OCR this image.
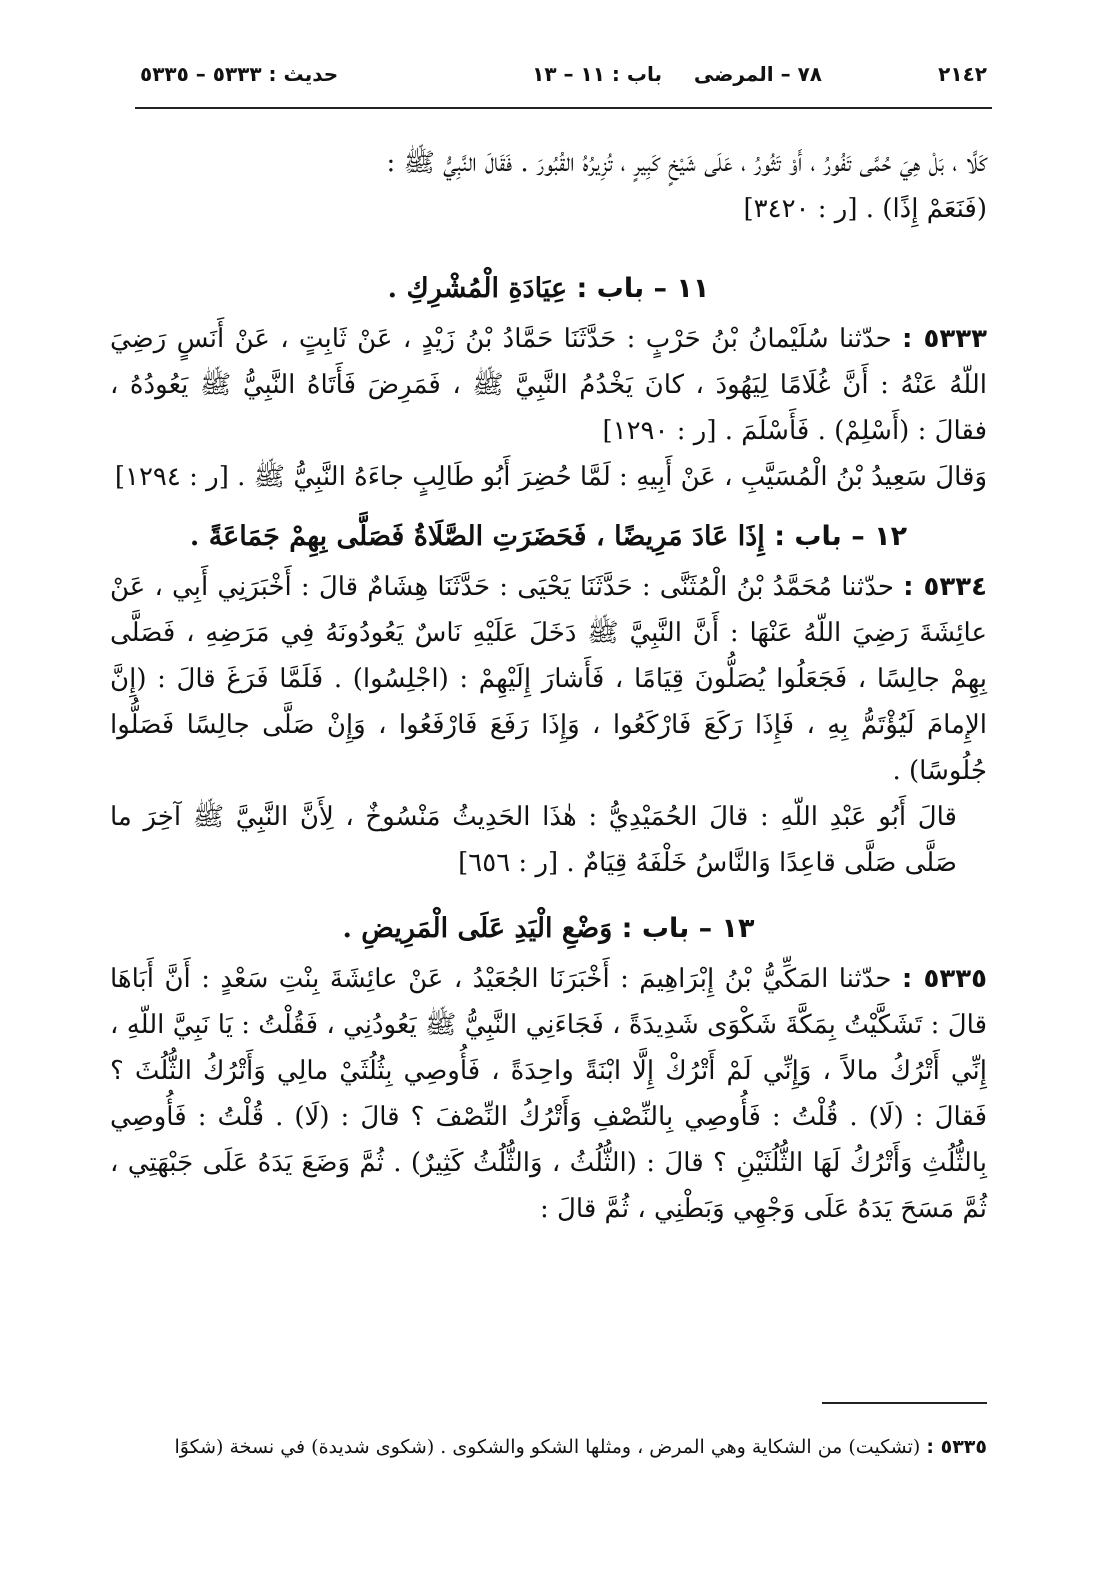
٢١٤٢
٧٨ – المرضى
باب : ١١ – ١٣
حديث : ٥٣٣٣ – ٥٣٣٥

كَلَّا ، بَلْ هِيَ حُمَّى تَفُورُ ، أَوْ تَثُورُ ، عَلَى شَيْخٍ كَبِيرٍ ، تُزِيرُهُ القُبُورَ . فَقَالَ النَّبِيُّ ﷺ :

(فَنَعَمْ إِذًا) . [ر : ٣٤٢٠]

١١ – باب : عِيَادَةِ الْمُشْرِكِ .

٥٣٣٣ : حدّثنا سُلَيْمانُ بْنُ حَرْبٍ : حَدَّثَنَا حَمَّادُ بْنُ زَيْدٍ ، عَنْ ثَابِتٍ ، عَنْ أَنَسٍ رَضِيَ اللّهُ عَنْهُ : أَنَّ غُلَامًا لِيَهُودَ ، كانَ يَخْدُمُ النَّبِيَّ ﷺ ، فَمَرِضَ فَأَتَاهُ النَّبِيُّ ﷺ يَعُودُهُ ، فقالَ : (أَسْلِمْ) . فَأَسْلَمَ . [ر : ١٢٩٠]

وَقالَ سَعِيدُ بْنُ الْمُسَيَّبِ ، عَنْ أَبِيهِ : لَمَّا حُضِرَ أَبُو طَالِبٍ جاءَهُ النَّبِيُّ ﷺ . [ر : ١٢٩٤]

١٢ – باب : إِذَا عَادَ مَرِيضًا ، فَحَضَرَتِ الصَّلَاةُ فَصَلَّى بِهِمْ جَمَاعَةً .

٥٣٣٤ : حدّثنا مُحَمَّدُ بْنُ الْمُثَنَّى : حَدَّثَنَا يَحْيَى : حَدَّثَنَا هِشَامٌ قالَ : أَخْبَرَنِي أَبِي ، عَنْ عائِشَةَ رَضِيَ اللّهُ عَنْهَا : أَنَّ النَّبِيَّ ﷺ دَخَلَ عَلَيْهِ نَاسٌ يَعُودُونَهُ فِي مَرَضِهِ ، فَصَلَّى بِهِمْ جالِسًا ، فَجَعَلُوا يُصَلُّونَ قِيَامًا ، فَأَشارَ إِلَيْهِمْ : (اجْلِسُوا) . فَلَمَّا فَرَغَ قالَ : (إِنَّ الإِمامَ لَيُؤْتَمُّ بِهِ ، فَإِذَا رَكَعَ فَارْكَعُوا ، وَإِذَا رَفَعَ فَارْفَعُوا ، وَإِنْ صَلَّى جالِسًا فَصَلُّوا جُلُوسًا) .

قالَ أَبُو عَبْدِ اللّهِ : قالَ الحُمَيْدِيُّ : هٰذَا الحَدِيثُ مَنْسُوخٌ ، لِأَنَّ النَّبِيَّ ﷺ آخِرَ ما صَلَّى صَلَّى قاعِدًا وَالنَّاسُ خَلْفَهُ قِيَامٌ . [ر : ٦٥٦]

١٣ – باب : وَضْعِ الْيَدِ عَلَى الْمَرِيضِ .

٥٣٣٥ : حدّثنا المَكِّيُّ بْنُ إِبْرَاهِيمَ : أَخْبَرَنَا الجُعَيْدُ ، عَنْ عائِشَةَ بِنْتِ سَعْدٍ : أَنَّ أَبَاهَا قالَ : تَشَكَّيْتُ بِمَكَّةَ شَكْوَى شَدِيدَةً ، فَجَاءَنِي النَّبِيُّ ﷺ يَعُودُنِي ، فَقُلْتُ : يَا نَبِيَّ اللّهِ ، إِنِّي أَتْرُكُ مالاً ، وَإِنِّي لَمْ أَتْرُكْ إِلَّا ابْنَةً واحِدَةً ، فَأُوصِي بِثُلُثَيْ مالِي وَأَتْرُكُ الثُّلُثَ ؟ فَقالَ : (لَا) . قُلْتُ : فَأُوصِي بِالنِّصْفِ وَأَتْرُكُ النِّصْفَ ؟ قالَ : (لَا) . قُلْتُ : فَأُوصِي بِالثُّلُثِ وَأَتْرُكُ لَهَا الثُّلُثَيْنِ ؟ قالَ : (الثُّلُثُ ، وَالثُّلُثُ كَثِيرٌ) . ثُمَّ وَضَعَ يَدَهُ عَلَى جَبْهَتِي ، ثُمَّ مَسَحَ يَدَهُ عَلَى وَجْهِي وَبَطْنِي ، ثُمَّ قالَ :

٥٣٣٥ : (تشكيت) من الشكاية وهي المرض ، ومثلها الشكو والشكوى . (شكوى شديدة) في نسخة (شكوًا
